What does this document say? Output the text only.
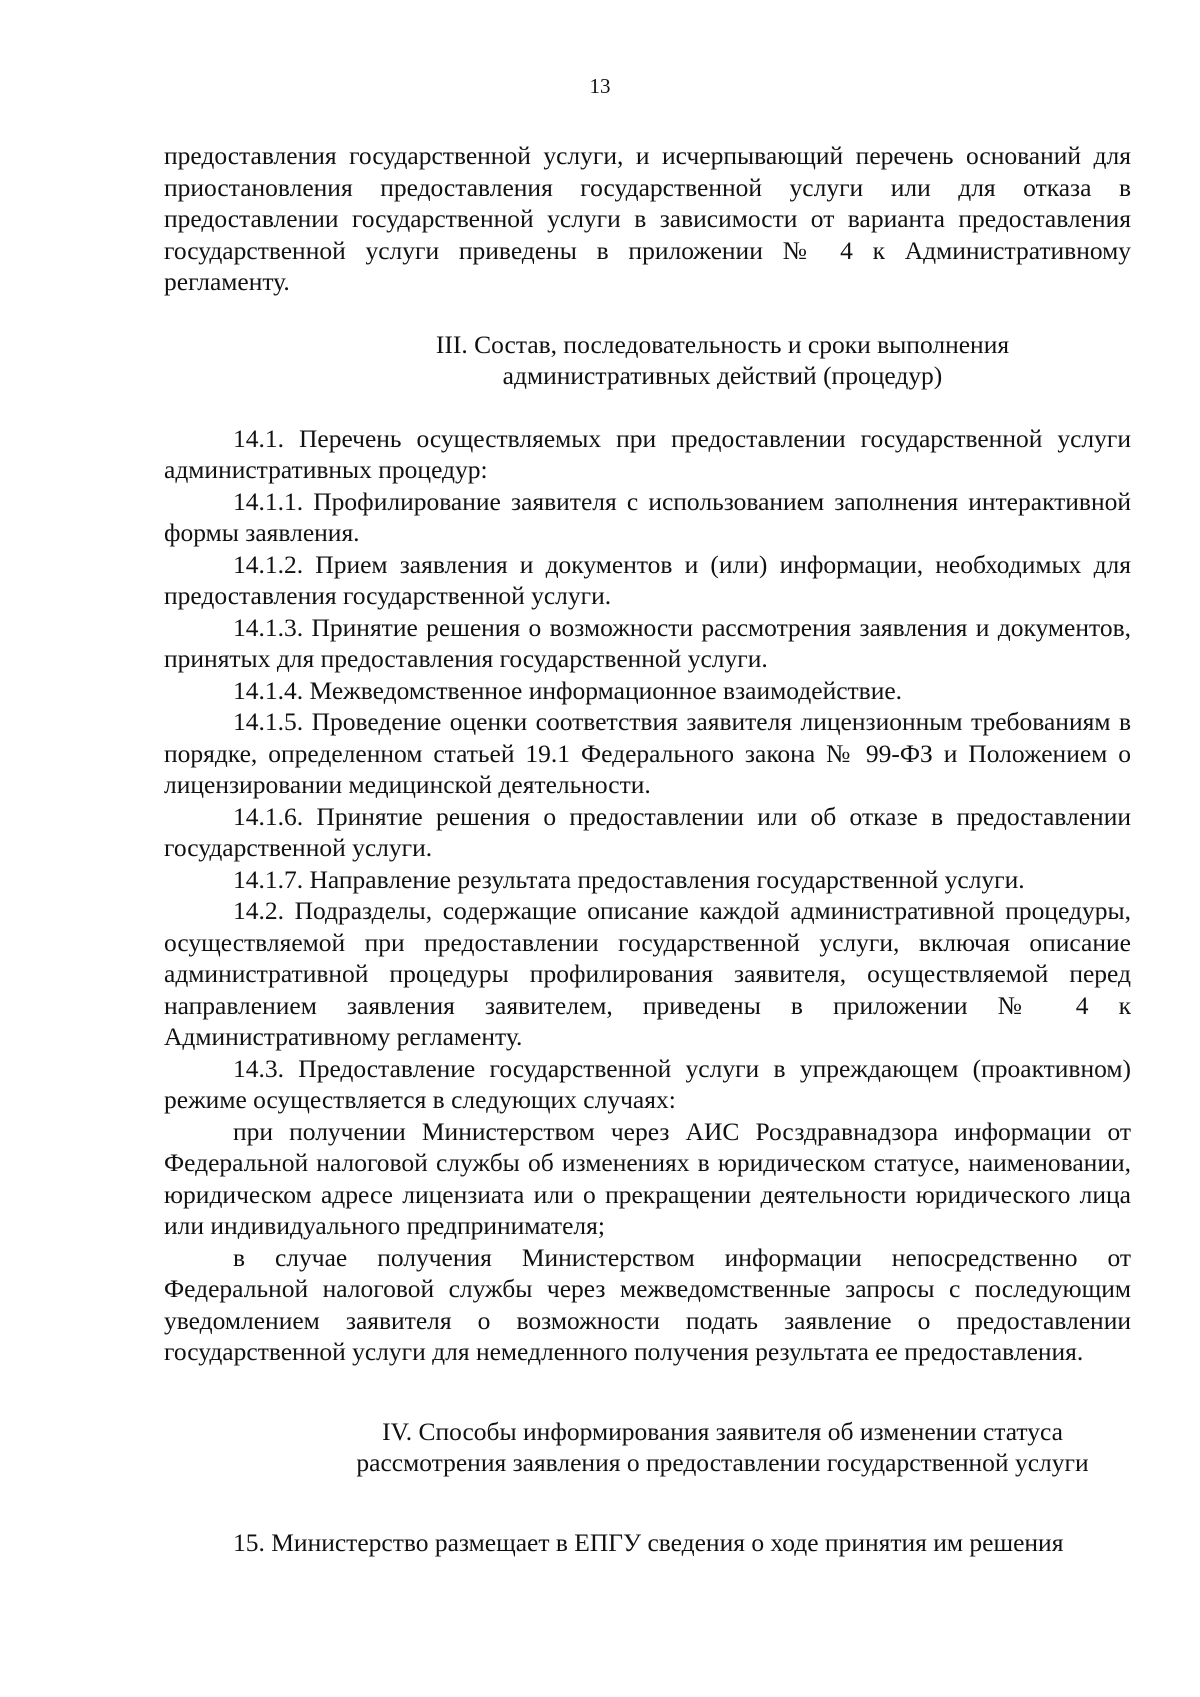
13

предоставления государственной услуги, и исчерпывающий перечень оснований для приостановления предоставления государственной услуги или для отказа в предоставлении государственной услуги в зависимости от варианта предоставления государственной услуги приведены в приложении № 4 к Административному регламенту.

III. Состав, последовательность и сроки выполнения
административных действий (процедур)

14.1. Перечень осуществляемых при предоставлении государственной услуги административных процедур:

14.1.1. Профилирование заявителя с использованием заполнения интерактивной формы заявления.

14.1.2. Прием заявления и документов и (или) информации, необходимых для предоставления государственной услуги.

14.1.3. Принятие решения о возможности рассмотрения заявления и документов, принятых для предоставления государственной услуги.

14.1.4. Межведомственное информационное взаимодействие.

14.1.5. Проведение оценки соответствия заявителя лицензионным требованиям в порядке, определенном статьей 19.1 Федерального закона № 99-ФЗ и Положением о лицензировании медицинской деятельности.

14.1.6. Принятие решения о предоставлении или об отказе в предоставлении государственной услуги.

14.1.7. Направление результата предоставления государственной услуги.

14.2. Подразделы, содержащие описание каждой административной процедуры, осуществляемой при предоставлении государственной услуги, включая описание административной процедуры профилирования заявителя, осуществляемой перед направлением заявления заявителем, приведены в приложении № 4 к Административному регламенту.

14.3. Предоставление государственной услуги в упреждающем (проактивном) режиме осуществляется в следующих случаях:

при получении Министерством через АИС Росздравнадзора информации от Федеральной налоговой службы об изменениях в юридическом статусе, наименовании, юридическом адресе лицензиата или о прекращении деятельности юридического лица или индивидуального предпринимателя;

в случае получения Министерством информации непосредственно от Федеральной налоговой службы через межведомственные запросы с последующим уведомлением заявителя о возможности подать заявление о предоставлении государственной услуги для немедленного получения результата ее предоставления.

IV. Способы информирования заявителя об изменении статуса
рассмотрения заявления о предоставлении государственной услуги

15. Министерство размещает в ЕПГУ сведения о ходе принятия им решения
